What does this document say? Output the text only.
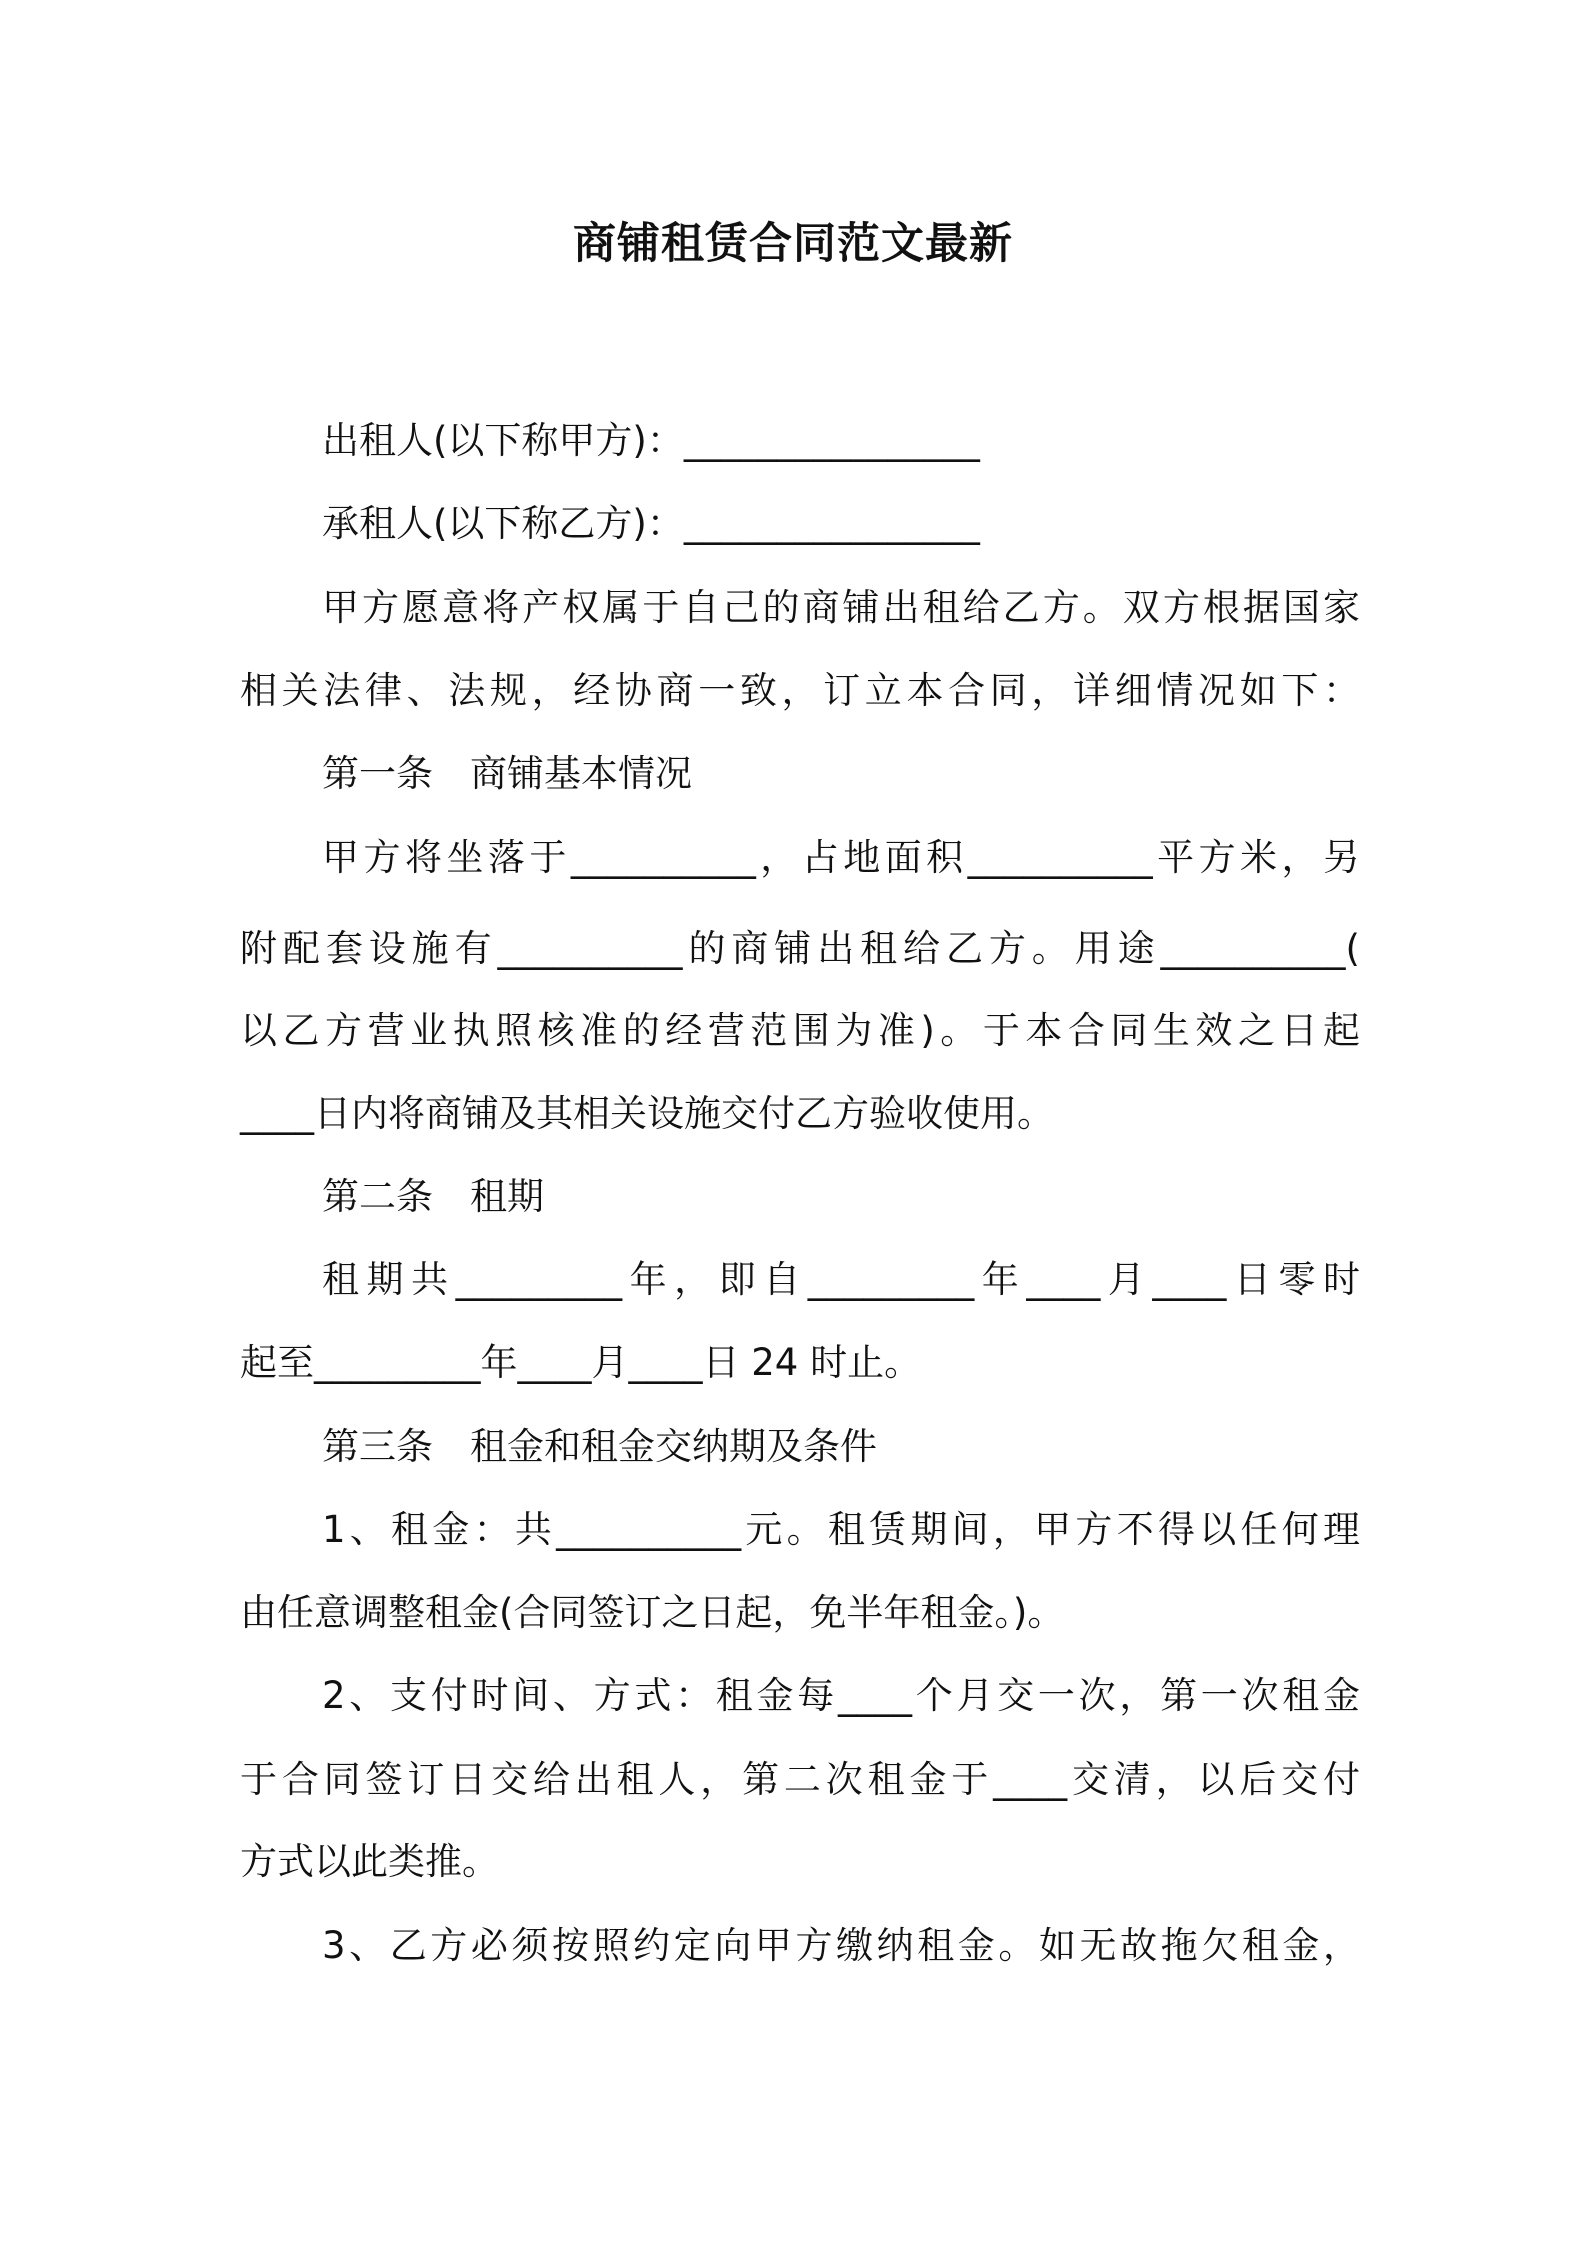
商铺租赁合同范文最新

出租人(以下称甲方)：________________

承租人(以下称乙方)：________________

甲方愿意将产权属于自己的商铺出租给乙方。双方根据国家

相关法律、法规，经协商一致，订立本合同，详细情况如下：

第一条　商铺基本情况

甲方将坐落于__________，占地面积__________平方米，另

附配套设施有__________的商铺出租给乙方。用途__________(

以乙方营业执照核准的经营范围为准)。于本合同生效之日起

____日内将商铺及其相关设施交付乙方验收使用。

第二条　租期

租期共_________年，即自_________年____月____日零时

起至_________年____月____日 24 时止。

第三条　租金和租金交纳期及条件

1、租金：共__________元。租赁期间，甲方不得以任何理

由任意调整租金(合同签订之日起，免半年租金。)。

2、支付时间、方式：租金每____个月交一次，第一次租金

于合同签订日交给出租人，第二次租金于____交清，以后交付

方式以此类推。

3、乙方必须按照约定向甲方缴纳租金。如无故拖欠租金，
